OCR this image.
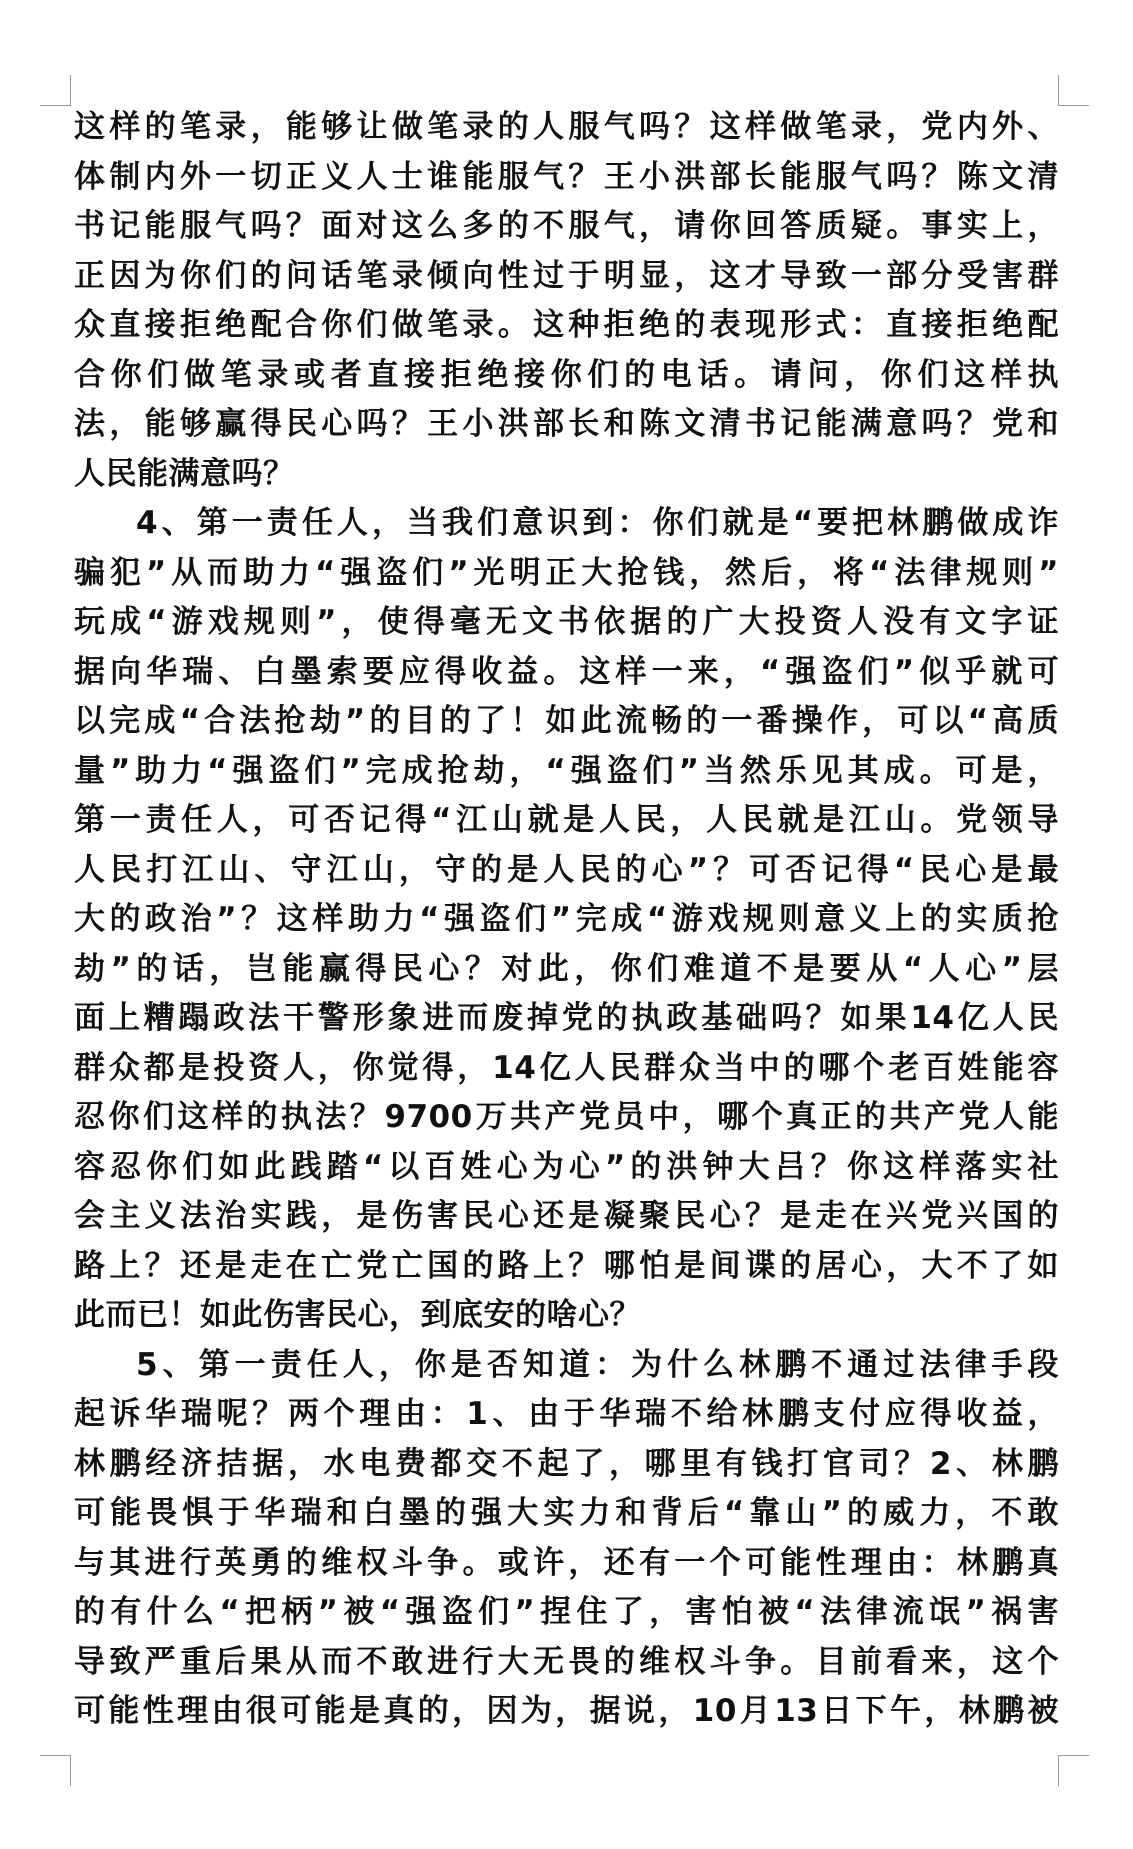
这样的笔录，能够让做笔录的人服气吗？这样做笔录，党内外、
体制内外一切正义人士谁能服气？王小洪部长能服气吗？陈文清
书记能服气吗？面对这么多的不服气，请你回答质疑。事实上，
正因为你们的问话笔录倾向性过于明显，这才导致一部分受害群
众直接拒绝配合你们做笔录。这种拒绝的表现形式：直接拒绝配
合你们做笔录或者直接拒绝接你们的电话。请问，你们这样执
法，能够赢得民心吗？王小洪部长和陈文清书记能满意吗？党和
人民能满意吗？
4、第一责任人，当我们意识到：你们就是“要把林鹏做成诈
骗犯”从而助力“强盗们”光明正大抢钱，然后，将“法律规则”
玩成“游戏规则”，使得毫无文书依据的广大投资人没有文字证
据向华瑞、白墨索要应得收益。这样一来，“强盗们”似乎就可
以完成“合法抢劫”的目的了！如此流畅的一番操作，可以“高质
量”助力“强盗们”完成抢劫，“强盗们”当然乐见其成。可是，
第一责任人，可否记得“江山就是人民，人民就是江山。党领导
人民打江山、守江山，守的是人民的心”？可否记得“民心是最
大的政治”？这样助力“强盗们”完成“游戏规则意义上的实质抢
劫”的话，岂能赢得民心？对此，你们难道不是要从“人心”层
面上糟蹋政法干警形象进而废掉党的执政基础吗？如果14亿人民
群众都是投资人，你觉得，14亿人民群众当中的哪个老百姓能容
忍你们这样的执法？9700万共产党员中，哪个真正的共产党人能
容忍你们如此践踏“以百姓心为心”的洪钟大吕？你这样落实社
会主义法治实践，是伤害民心还是凝聚民心？是走在兴党兴国的
路上？还是走在亡党亡国的路上？哪怕是间谍的居心，大不了如
此而已！如此伤害民心，到底安的啥心？
5、第一责任人，你是否知道：为什么林鹏不通过法律手段
起诉华瑞呢？两个理由：1、由于华瑞不给林鹏支付应得收益，
林鹏经济拮据，水电费都交不起了，哪里有钱打官司？2、林鹏
可能畏惧于华瑞和白墨的强大实力和背后“靠山”的威力，不敢
与其进行英勇的维权斗争。或许，还有一个可能性理由：林鹏真
的有什么“把柄”被“强盗们”捏住了，害怕被“法律流氓”祸害
导致严重后果从而不敢进行大无畏的维权斗争。目前看来，这个
可能性理由很可能是真的，因为，据说，10月13日下午，林鹏被
